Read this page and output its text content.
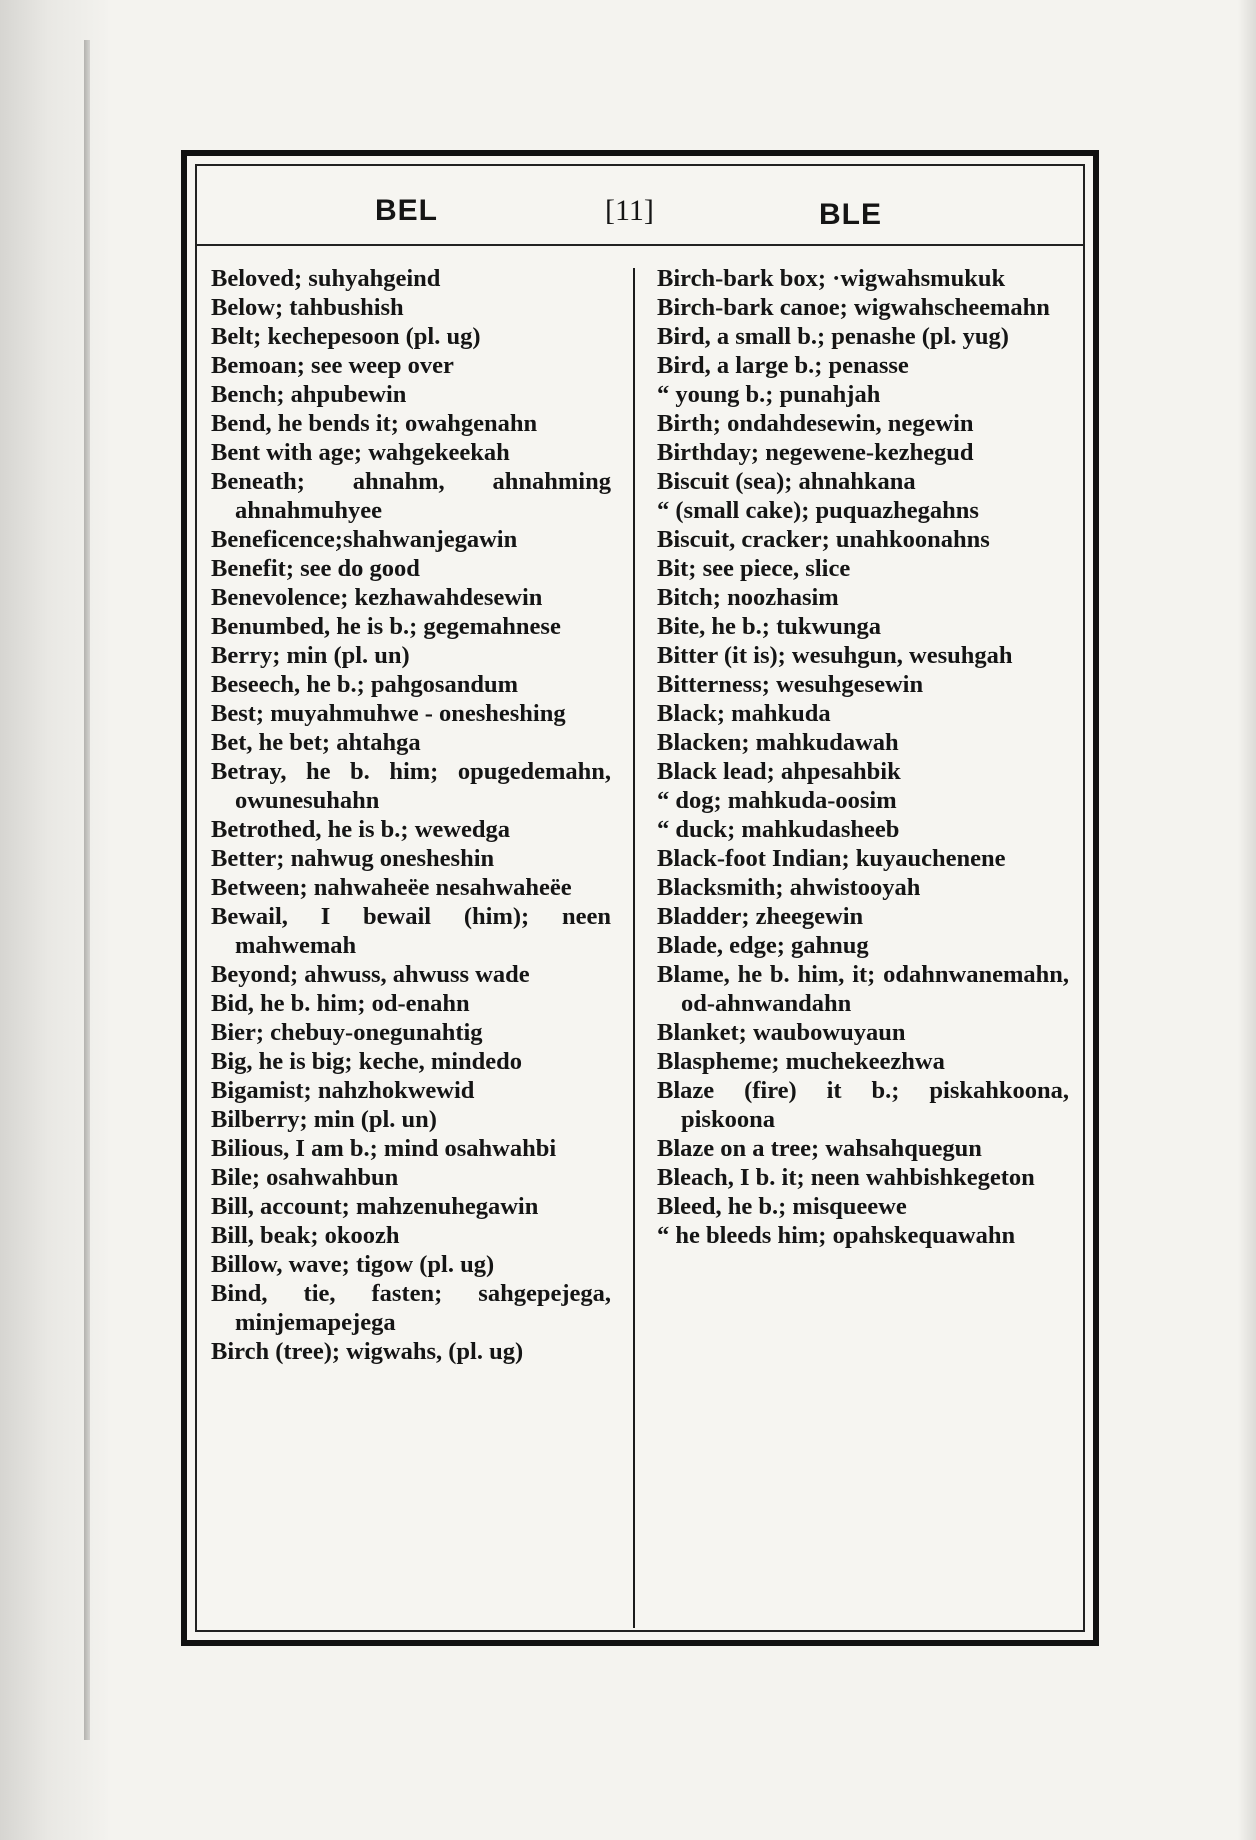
BEL	[11]	BLE

Beloved; suhyahgeind

Below; tahbushish

Belt; kechepesoon (pl. ug)

Bemoan; see weep over

Bench; ahpubewin

Bend, he bends it; owahgenahn

Bent with age; wahgekeekah

Beneath; ahnahm, ahnahming ahnahmuhyee

Beneficence;shahwanjegawin

Benefit; see do good

Benevolence; kezhawahdesewin

Benumbed, he is b.; gegemahnese

Berry; min (pl. un)

Beseech, he b.; pahgosandum

Best; muyahmuhwe - onesheshing

Bet, he bet; ahtahga

Betray, he b. him; opugedemahn, owunesuhahn

Betrothed, he is b.; wewedga

Better; nahwug onesheshin

Between; nahwaheëe nesahwaheëe

Bewail, I bewail (him); neen mahwemah

Beyond; ahwuss, ahwuss wade

Bid, he b. him; od-enahn

Bier; chebuy-onegunahtig

Big, he is big; keche, mindedo

Bigamist; nahzhokwewid

Bilberry; min (pl. un)

Bilious, I am b.; mind osahwahbi

Bile; osahwahbun

Bill, account; mahzenuhegawin

Bill, beak; okoozh

Billow, wave; tigow (pl. ug)

Bind, tie, fasten; sahgepejega, minjemapejega

Birch (tree); wigwahs, (pl. ug)

Birch-bark box; ·wigwahsmukuk

Birch-bark canoe; wigwahscheemahn

Bird, a small b.; penashe (pl. yug)

Bird, a large b.; penasse

“ young b.; punahjah

Birth; ondahdesewin, negewin

Birthday; negewene-kezhegud

Biscuit (sea); ahnahkana

“ (small cake); puquazhegahns

Biscuit, cracker; unahkoonahns

Bit; see piece, slice

Bitch; noozhasim

Bite, he b.; tukwunga

Bitter (it is); wesuhgun, wesuhgah

Bitterness; wesuhgesewin

Black; mahkuda

Blacken; mahkudawah

Black lead; ahpesahbik

“ dog; mahkuda-oosim

“ duck; mahkudasheeb

Black-foot Indian; kuyauchenene

Blacksmith; ahwistooyah

Bladder; zheegewin

Blade, edge; gahnug

Blame, he b. him, it; odahnwanemahn, od-ahnwandahn

Blanket; waubowuyaun

Blaspheme; muchekeezhwa

Blaze (fire) it b.; piskahkoona, piskoona

Blaze on a tree; wahsahquegun

Bleach, I b. it; neen wahbishkegeton

Bleed, he b.; misqueewe

“ he bleeds him; opahskequawahn
